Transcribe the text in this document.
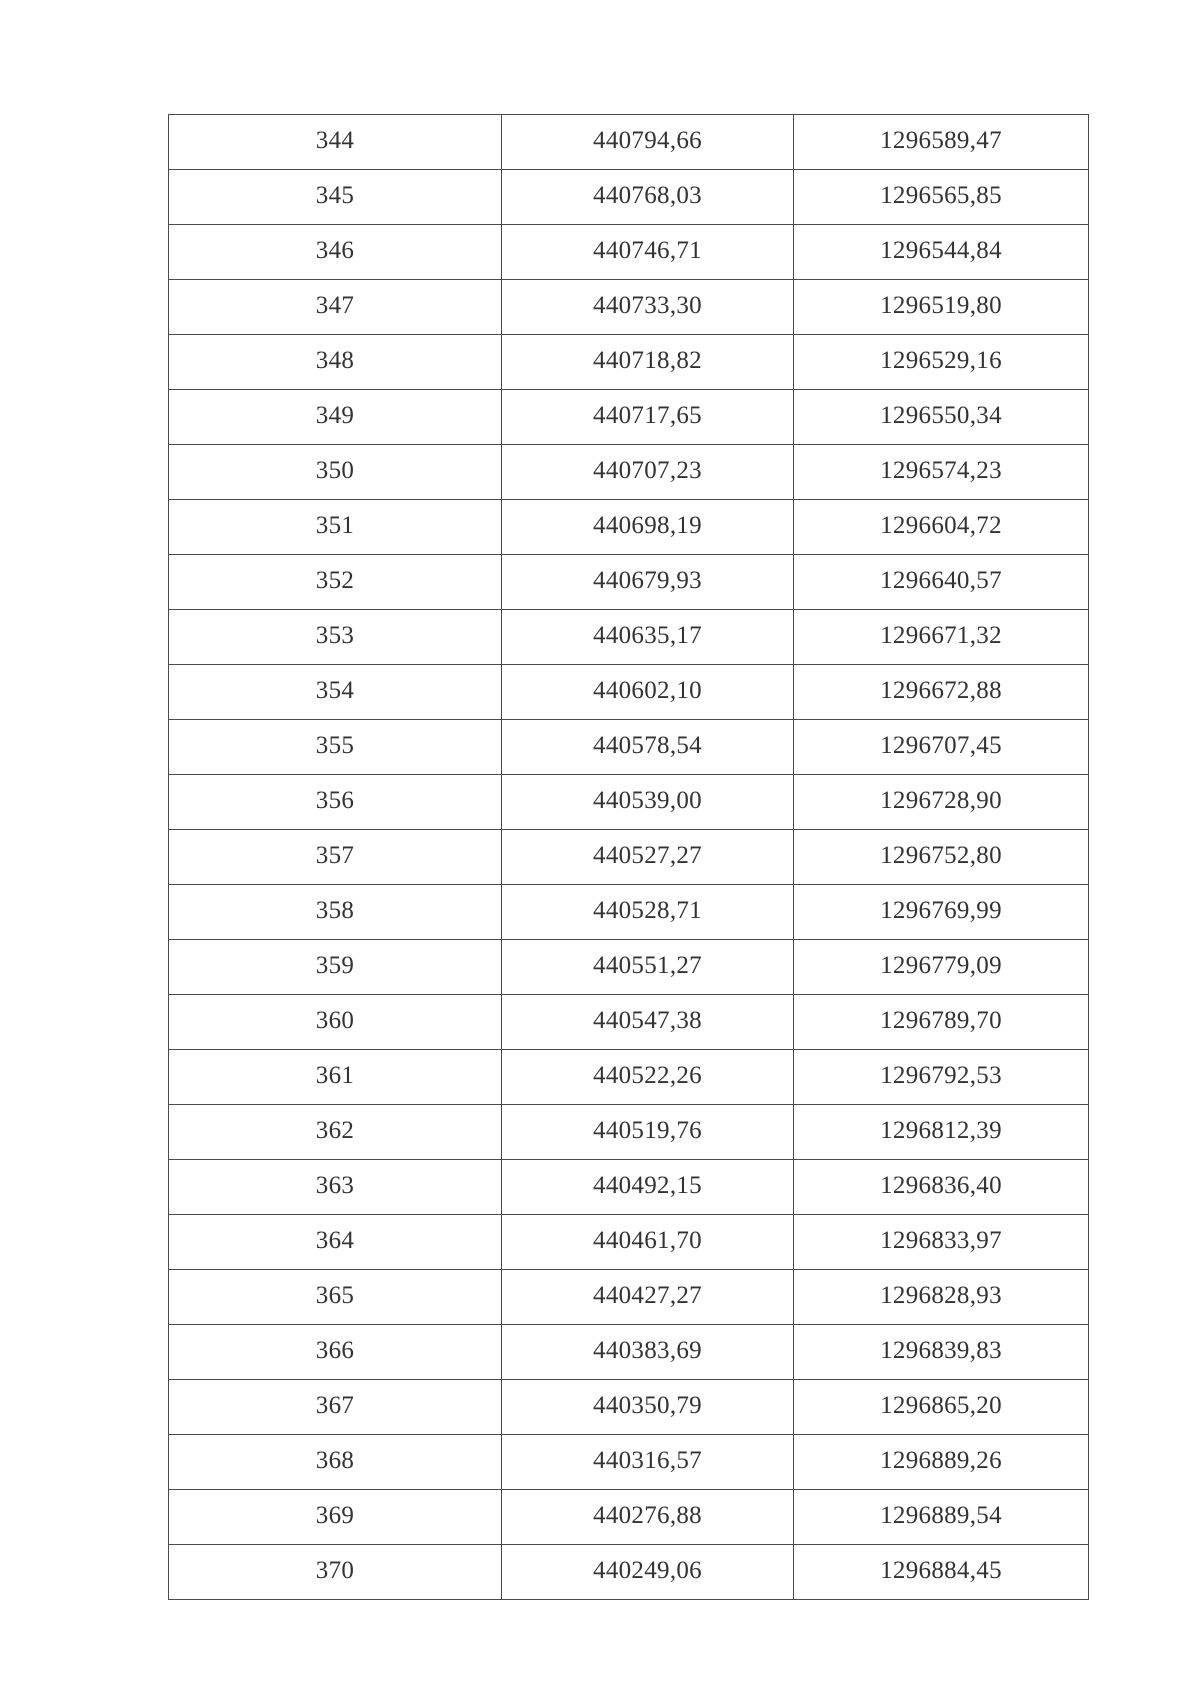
344	440794,66	1296589,47
345	440768,03	1296565,85
346	440746,71	1296544,84
347	440733,30	1296519,80
348	440718,82	1296529,16
349	440717,65	1296550,34
350	440707,23	1296574,23
351	440698,19	1296604,72
352	440679,93	1296640,57
353	440635,17	1296671,32
354	440602,10	1296672,88
355	440578,54	1296707,45
356	440539,00	1296728,90
357	440527,27	1296752,80
358	440528,71	1296769,99
359	440551,27	1296779,09
360	440547,38	1296789,70
361	440522,26	1296792,53
362	440519,76	1296812,39
363	440492,15	1296836,40
364	440461,70	1296833,97
365	440427,27	1296828,93
366	440383,69	1296839,83
367	440350,79	1296865,20
368	440316,57	1296889,26
369	440276,88	1296889,54
370	440249,06	1296884,45
